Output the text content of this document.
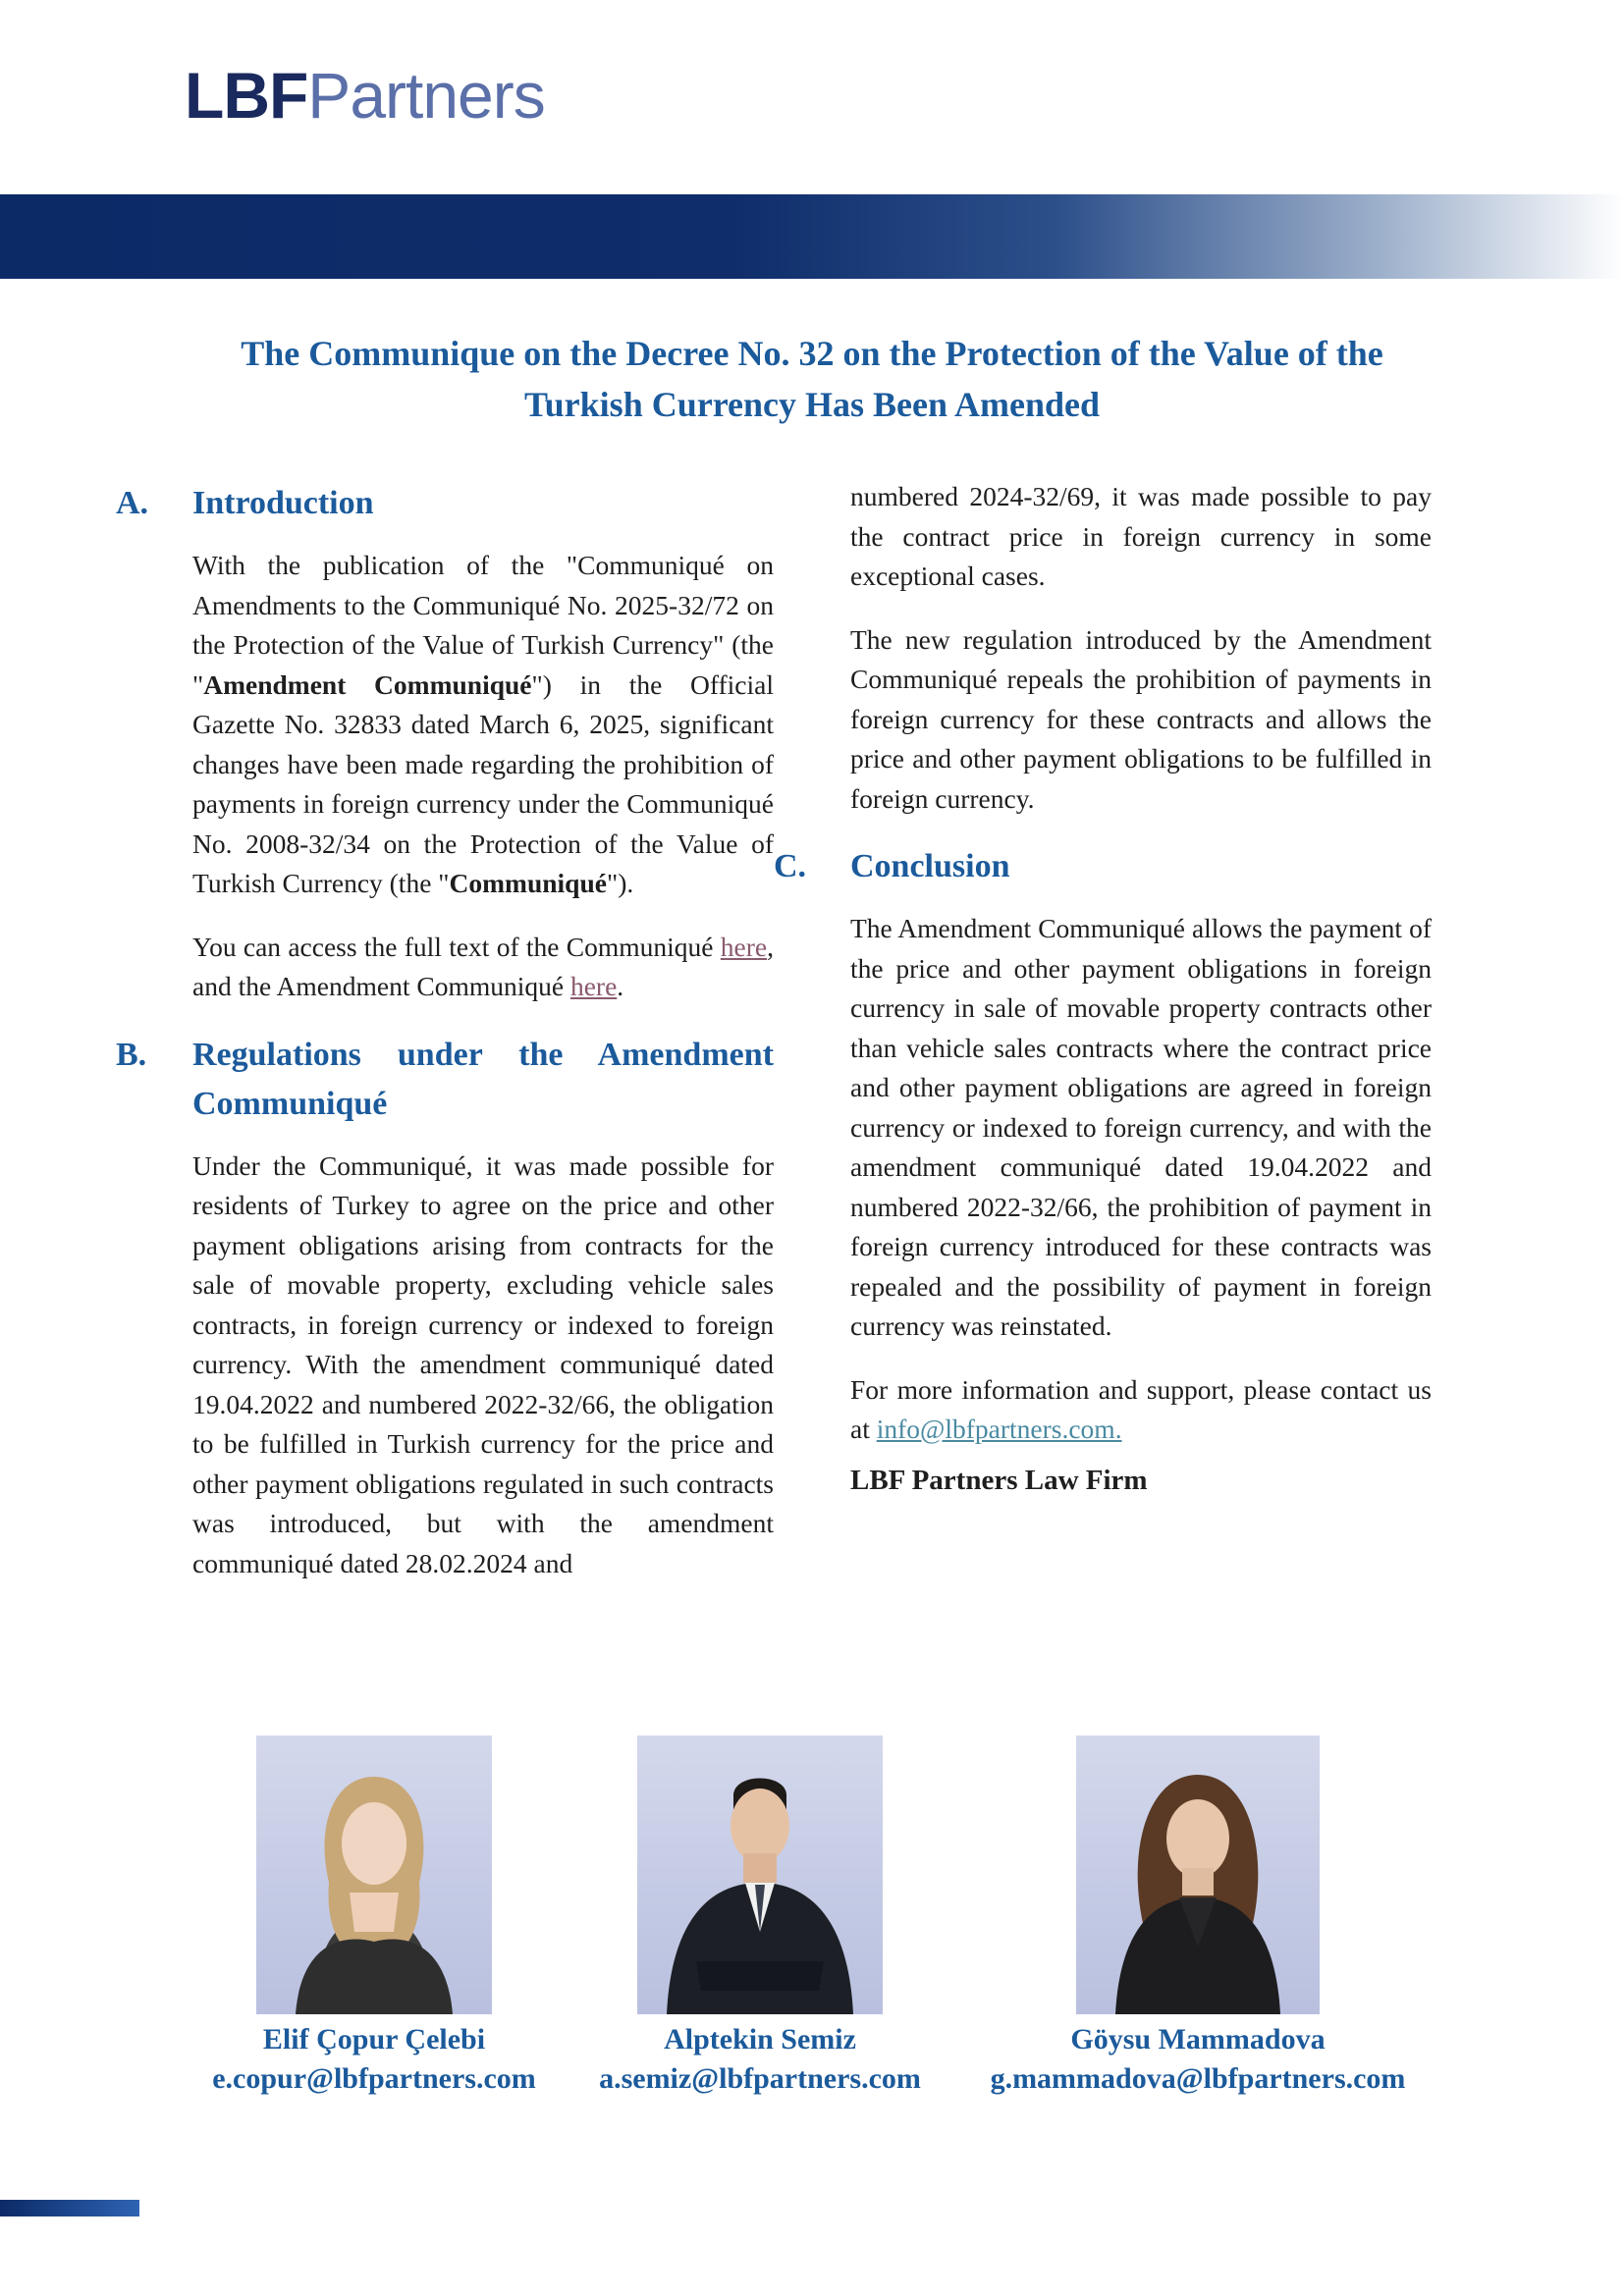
LBFPartners
The Communique on the Decree No. 32 on the Protection of the Value of the
Turkish Currency Has Been Amended
A. Introduction

With the publication of the "Communiqué on Amendments to the Communiqué No. 2025-32/72 on the Protection of the Value of Turkish Currency" (the "Amendment Communiqué") in the Official Gazette No. 32833 dated March 6, 2025, significant changes have been made regarding the prohibition of payments in foreign currency under the Communiqué No. 2008-32/34 on the Protection of the Value of Turkish Currency (the "Communiqué").

You can access the full text of the Communiqué here, and the Amendment Communiqué here.

B. Regulations under the Amendment
Communiqué

Under the Communiqué, it was made possible for residents of Turkey to agree on the price and other payment obligations arising from contracts for the sale of movable property, excluding vehicle sales contracts, in foreign currency or indexed to foreign currency. With the amendment communiqué dated 19.04.2022 and numbered 2022-32/66, the obligation to be fulfilled in Turkish currency for the price and other payment obligations regulated in such contracts was introduced, but with the amendment communiqué dated 28.02.2024 and

numbered 2024-32/69, it was made possible to pay the contract price in foreign currency in some exceptional cases.

The new regulation introduced by the Amendment Communiqué repeals the prohibition of payments in foreign currency for these contracts and allows the price and other payment obligations to be fulfilled in foreign currency.

C. Conclusion

The Amendment Communiqué allows the payment of the price and other payment obligations in foreign currency in sale of movable property contracts other than vehicle sales contracts where the contract price and other payment obligations are agreed in foreign currency or indexed to foreign currency, and with the amendment communiqué dated 19.04.2022 and numbered 2022-32/66, the prohibition of payment in foreign currency introduced for these contracts was repealed and the possibility of payment in foreign currency was reinstated.

For more information and support, please contact us at info@lbfpartners.com.

LBF Partners Law Firm

Elif Çopur Çelebi
e.copur@lbfpartners.com
Alptekin Semiz
a.semiz@lbfpartners.com
Göysu Mammadova
g.mammadova@lbfpartners.com
